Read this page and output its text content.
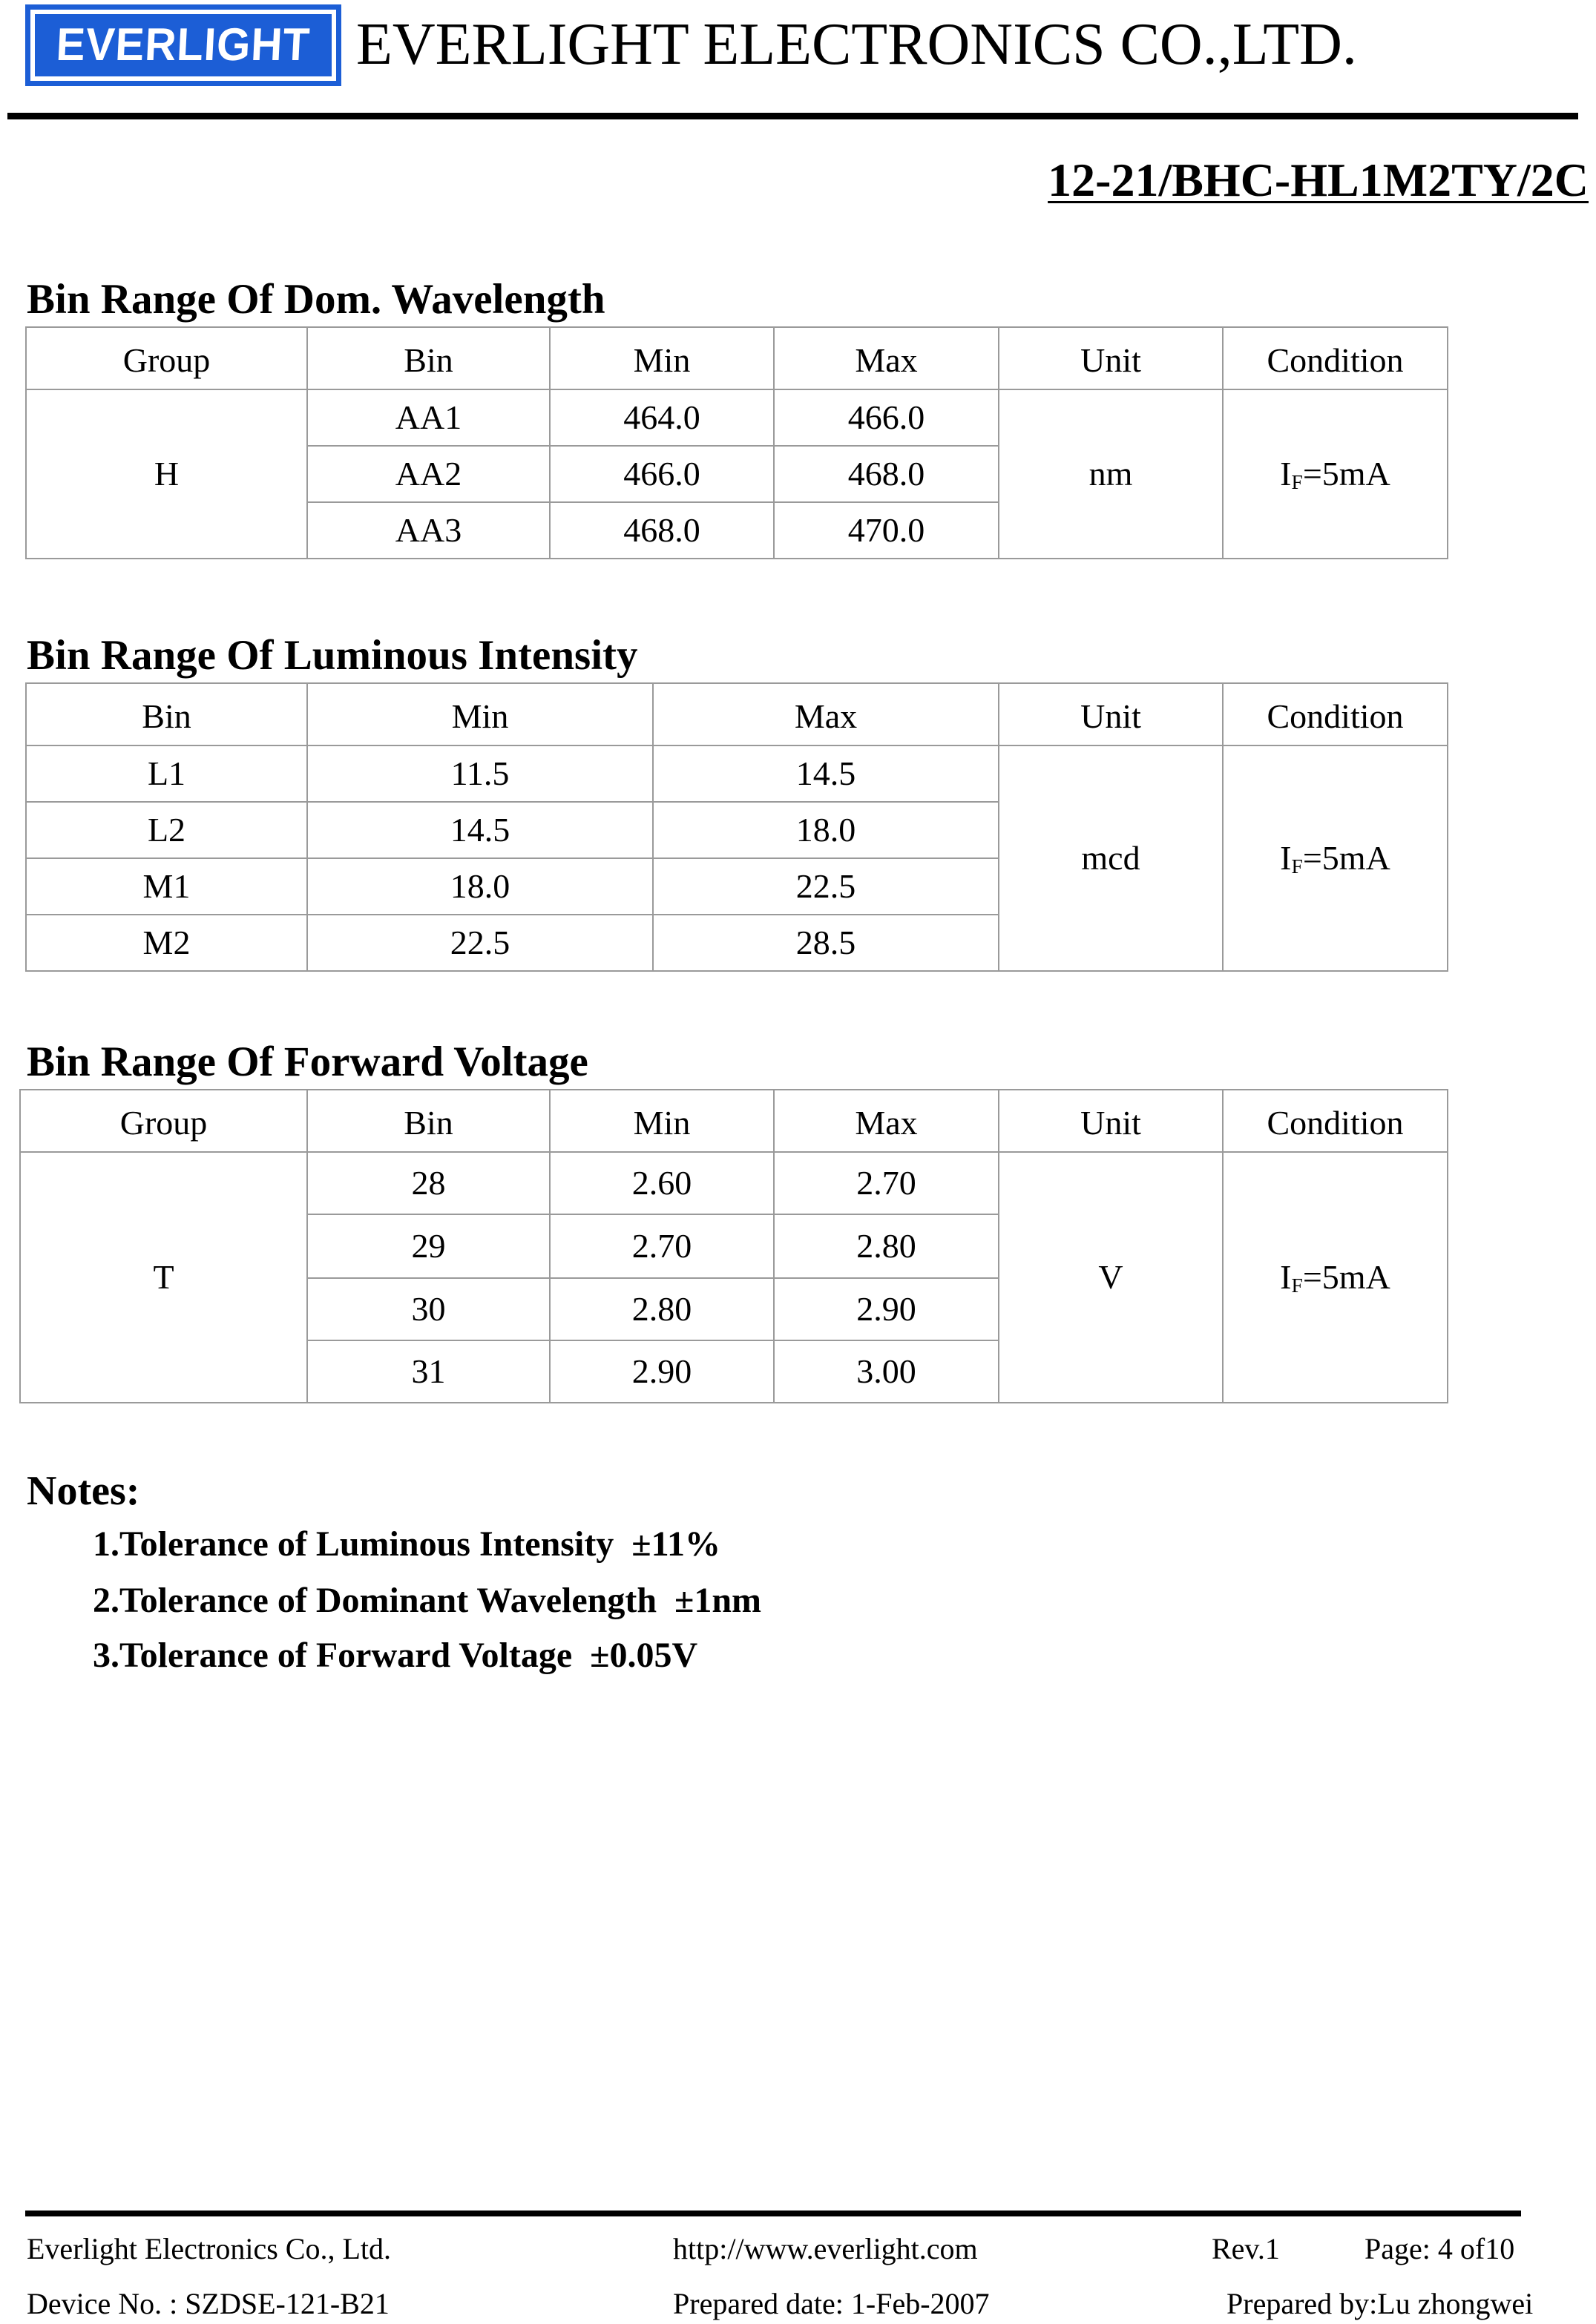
EVERLIGHT EVERLIGHT ELECTRONICS CO.,LTD.
12-21/BHC-HL1M2TY/2C
Bin Range Of Dom. Wavelength
Group	Bin	Min	Max	Unit	Condition
H	AA1	464.0	466.0	nm	$I_F=5mA$
	AA2	466.0	468.0		
	AA3	468.0	470.0		
Bin Range Of Luminous Intensity
Bin	Min	Max	Unit	Condition
L1	11.5	14.5	mcd	$I_F=5mA$
L2	14.5	18.0		
M1	18.0	22.5		
M2	22.5	28.5		
Bin Range Of Forward Voltage
Group	Bin	Min	Max	Unit	Condition
T	28	2.60	2.70	V	$I_F=5mA$
	29	2.70	2.80		
	30	2.80	2.90		
	31	2.90	3.00		
Notes:
1.Tolerance of Luminous Intensity  ±11%
2.Tolerance of Dominant Wavelength  ±1nm
3.Tolerance of Forward Voltage  ±0.05V
Everlight Electronics Co., Ltd.	http://www.everlight.com	Rev.1	Page: 4 of10
Device No. : SZDSE-121-B21	Prepared date: 1-Feb-2007	Prepared by:Lu zhongwei
